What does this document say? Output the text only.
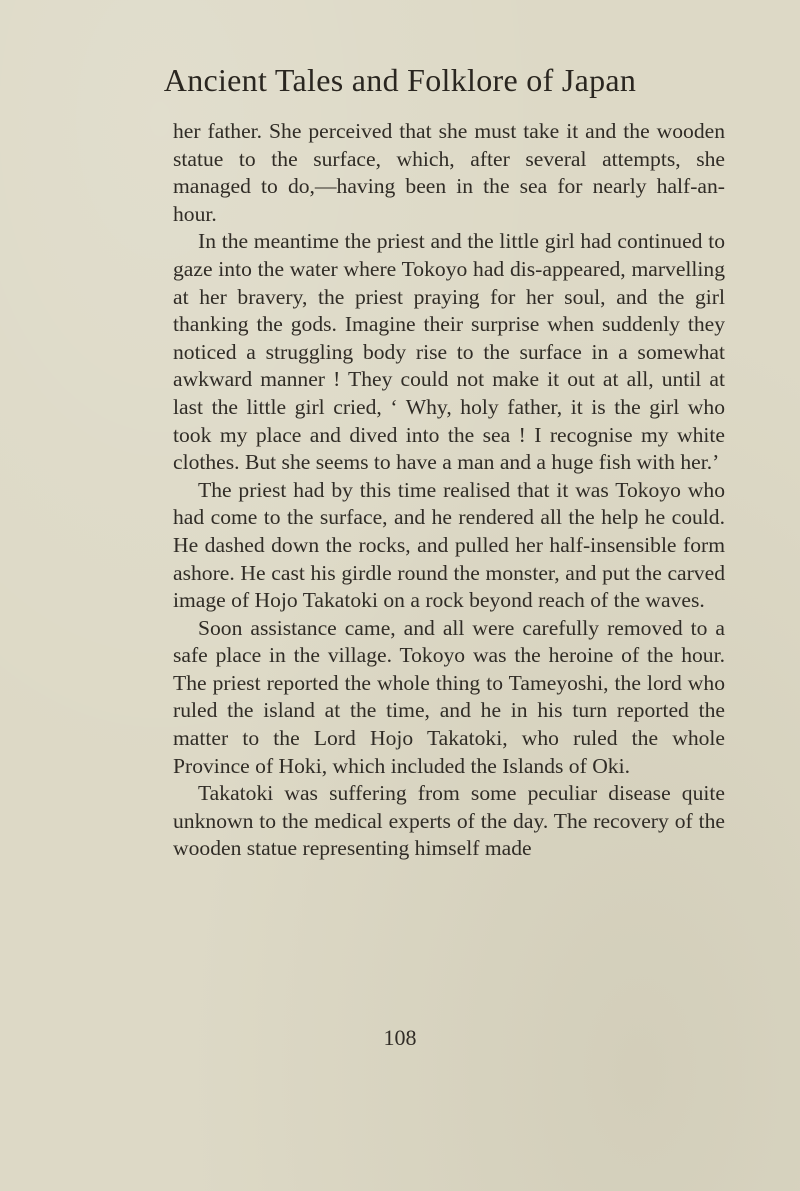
Ancient Tales and Folklore of Japan

her father. She perceived that she must take it and the wooden statue to the surface, which, after several attempts, she managed to do,—having been in the sea for nearly half-an-hour.

In the meantime the priest and the little girl had continued to gaze into the water where Tokoyo had dis-appeared, marvelling at her bravery, the priest praying for her soul, and the girl thanking the gods. Imagine their surprise when suddenly they noticed a struggling body rise to the surface in a somewhat awkward manner ! They could not make it out at all, until at last the little girl cried, ‘ Why, holy father, it is the girl who took my place and dived into the sea ! I recognise my white clothes. But she seems to have a man and a huge fish with her.’

The priest had by this time realised that it was Tokoyo who had come to the surface, and he rendered all the help he could. He dashed down the rocks, and pulled her half-insensible form ashore. He cast his girdle round the monster, and put the carved image of Hojo Takatoki on a rock beyond reach of the waves.

Soon assistance came, and all were carefully removed to a safe place in the village. Tokoyo was the heroine of the hour. The priest reported the whole thing to Tameyoshi, the lord who ruled the island at the time, and he in his turn reported the matter to the Lord Hojo Takatoki, who ruled the whole Province of Hoki, which included the Islands of Oki.

Takatoki was suffering from some peculiar disease quite unknown to the medical experts of the day. The recovery of the wooden statue representing himself made

108
